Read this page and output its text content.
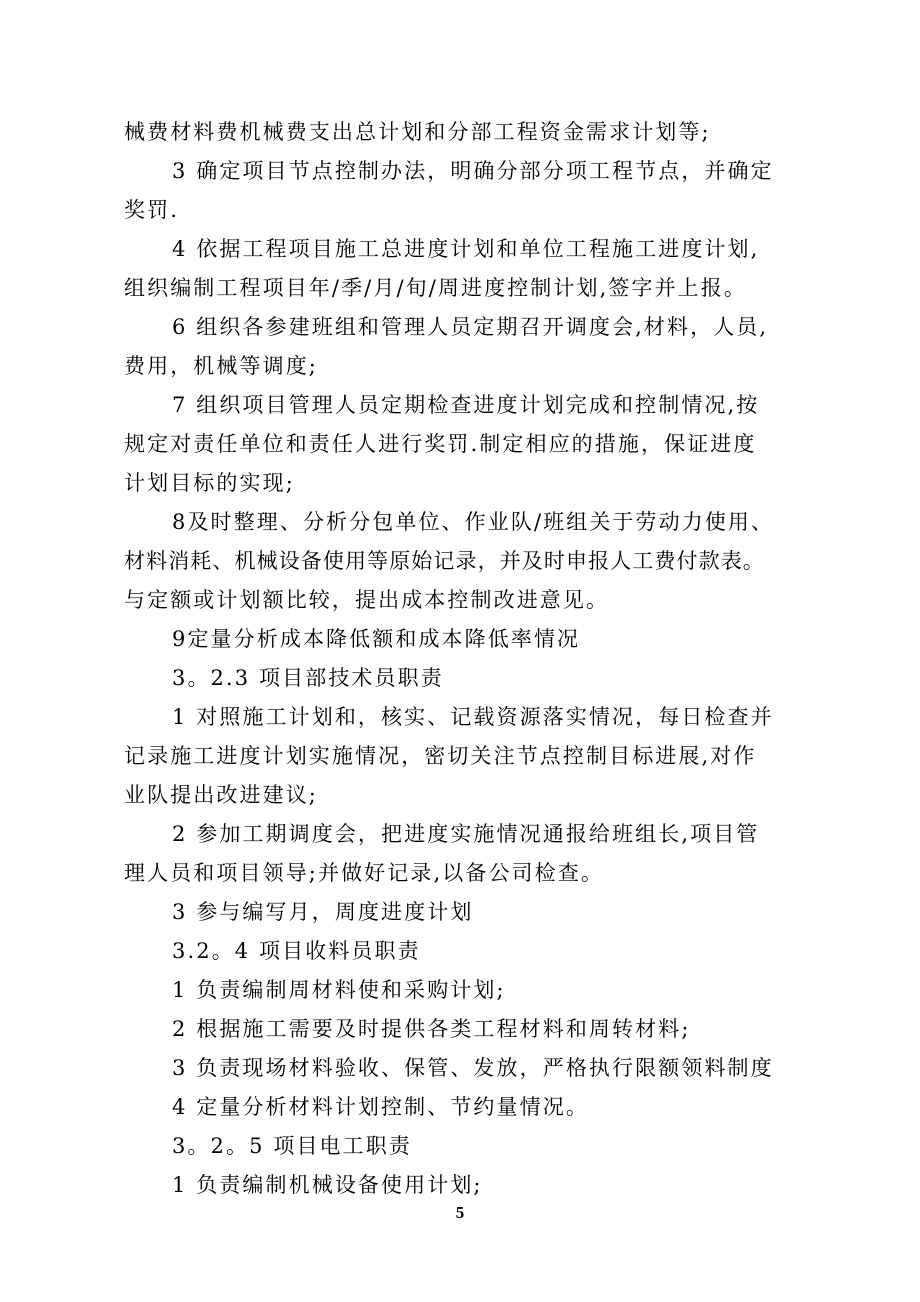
械费材料费机械费支出总计划和分部工程资金需求计划等;
3 确定项目节点控制办法，明确分部分项工程节点，并确定
奖罚.
4 依据工程项目施工总进度计划和单位工程施工进度计划,
组织编制工程项目年/季/月/旬/周进度控制计划,签字并上报。
6 组织各参建班组和管理人员定期召开调度会,材料，人员,
费用，机械等调度;
7 组织项目管理人员定期检查进度计划完成和控制情况,按
规定对责任单位和责任人进行奖罚.制定相应的措施，保证进度
计划目标的实现;
8及时整理、分析分包单位、作业队/班组关于劳动力使用、
材料消耗、机械设备使用等原始记录，并及时申报人工费付款表。
与定额或计划额比较，提出成本控制改进意见。
9定量分析成本降低额和成本降低率情况
3。2.3 项目部技术员职责
1 对照施工计划和，核实、记载资源落实情况，每日检查并
记录施工进度计划实施情况，密切关注节点控制目标进展,对作
业队提出改进建议;
2 参加工期调度会，把进度实施情况通报给班组长,项目管
理人员和项目领导;并做好记录,以备公司检查。
3 参与编写月，周度进度计划
3.2。4 项目收料员职责
1 负责编制周材料使和采购计划;
2 根据施工需要及时提供各类工程材料和周转材料;
3 负责现场材料验收、保管、发放，严格执行限额领料制度
4 定量分析材料计划控制、节约量情况。
3。2。5 项目电工职责
1 负责编制机械设备使用计划;
5
